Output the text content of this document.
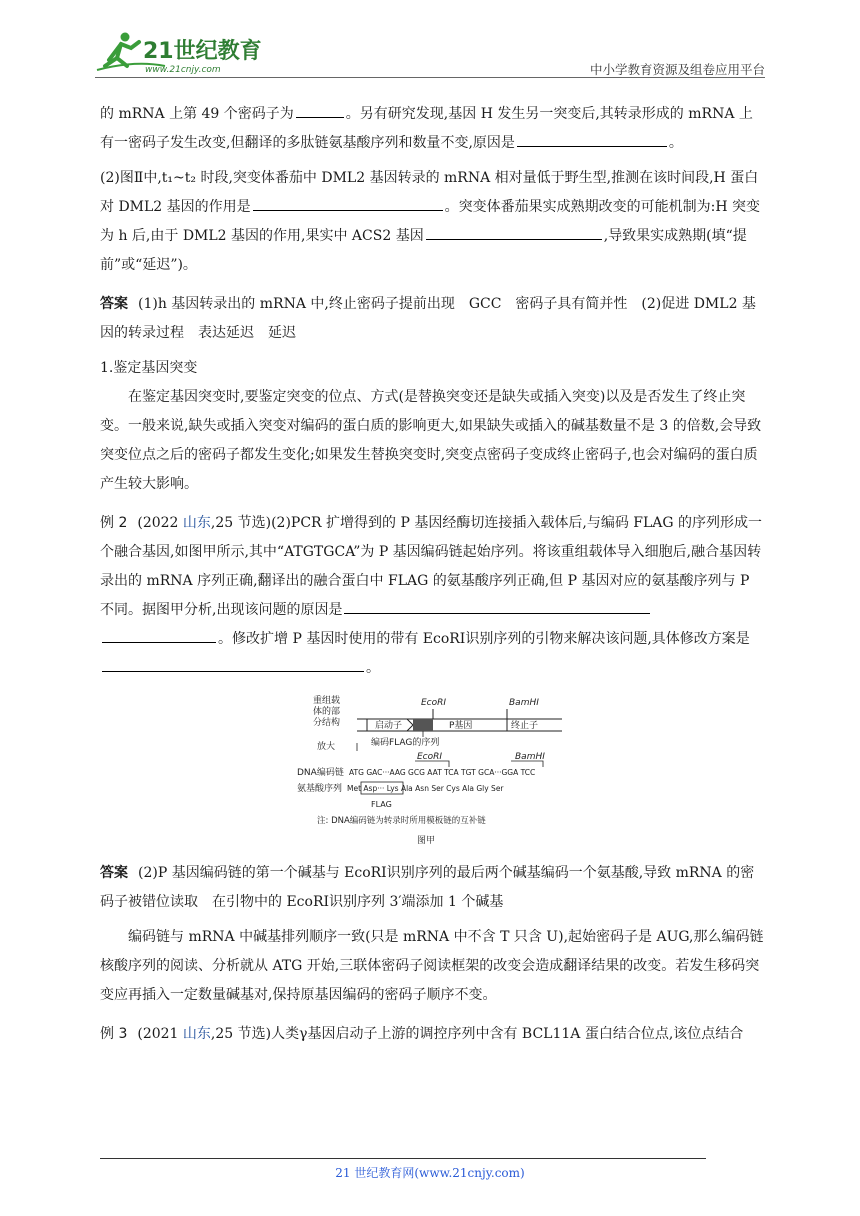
21世纪教育
www.21cnjy.com	中小学教育资源及组卷应用平台

的 mRNA 上第 49 个密码子为	。另有研究发现,基因 H 发生另一突变后,其转录形成的 mRNA 上有一密码子发生改变,但翻译的多肽链氨基酸序列和数量不变,原因是	。

(2)图Ⅱ中,t₁~t₂ 时段,突变体番茄中 DML2 基因转录的 mRNA 相对量低于野生型,推测在该时间段,H 蛋白对 DML2 基因的作用是	。突变体番茄果实成熟期改变的可能机制为:H 突变为 h 后,由于 DML2 基因的作用,果实中 ACS2 基因	,导致果实成熟期(填“提前”或“延迟”)。

答案 (1)h 基因转录出的 mRNA 中,终止密码子提前出现　GCC　密码子具有简并性　(2)促进 DML2 基因的转录过程　表达延迟　延迟

1.鉴定基因突变

在鉴定基因突变时,要鉴定突变的位点、方式(是替换突变还是缺失或插入突变)以及是否发生了终止突变。一般来说,缺失或插入突变对编码的蛋白质的影响更大,如果缺失或插入的碱基数量不是 3 的倍数,会导致突变位点之后的密码子都发生变化;如果发生替换突变时,突变点密码子变成终止密码子,也会对编码的蛋白质产生较大影响。

例 2 (2022 山东,25 节选)(2)PCR 扩增得到的 P 基因经酶切连接插入载体后,与编码 FLAG 的序列形成一个融合基因,如图甲所示,其中“ATGTGCA”为 P 基因编码链起始序列。将该重组载体导入细胞后,融合基因转录出的 mRNA 序列正确,翻译出的融合蛋白中 FLAG 的氨基酸序列正确,但 P 基因对应的氨基酸序列与 P 不同。据图甲分析,出现该问题的原因是。修改扩增 P 基因时使用的带有 EcoRⅠ识别序列的引物来解决该问题,具体修改方案是。

重组载
体的部
分结构
EcoRⅠ	BamHⅠ
启动子	P基因	终止子
编码FLAG的序列
放大
EcoRⅠ	BamHⅠ
DNA编码链 ATG GAC···AAG GCG AAT TCA TGT GCA···GGA TCC
氨基酸序列 Met Asp··· Lys Ala Asn Ser Cys Ala Gly Ser
FLAG
注: DNA编码链为转录时所用模板链的互补链
图甲

答案 (2)P 基因编码链的第一个碱基与 EcoRⅠ识别序列的最后两个碱基编码一个氨基酸,导致 mRNA 的密码子被错位读取　在引物中的 EcoRⅠ识别序列 3′端添加 1 个碱基

编码链与 mRNA 中碱基排列顺序一致(只是 mRNA 中不含 T 只含 U),起始密码子是 AUG,那么编码链核酸序列的阅读、分析就从 ATG 开始,三联体密码子阅读框架的改变会造成翻译结果的改变。若发生移码突变应再插入一定数量碱基对,保持原基因编码的密码子顺序不变。

例 3 (2021 山东,25 节选)人类γ基因启动子上游的调控序列中含有 BCL11A 蛋白结合位点,该位点结合

21 世纪教育网(www.21cnjy.com)
